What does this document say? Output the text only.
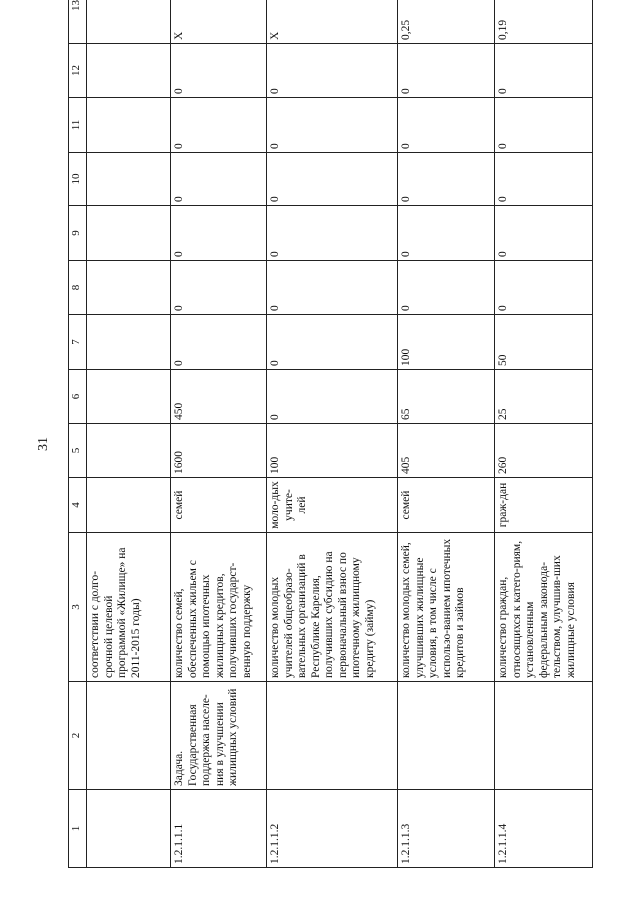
31
1	2	3	4	5	6	7	8	9	10	11	12	13
		соответствии с долго-срочной целевой программой «Жилище» на 2011-2015 годы)										
1.2.1.1.1	Задача. Государственная поддержка населе-ния в улучшении жилищных условий	количество семей, обеспеченных жильем с помощью ипотечных жилищных кредитов, получивших государст-венную поддержку	семей	1600	450	0	0	0	0	0	0	X
1.2.1.1.2		количество молодых учителей общеобразо-вательных организаций в Республике Карелия, получивших субсидию на первоначальный взнос по ипотечному жилищному кредиту (займу)	моло-дых учите-лей	100	0	0	0	0	0	0	0	X
1.2.1.1.3		количество молодых семей, улучшивших жилищные условия, в том числе с использо-ванием ипотечных кредитов и займов	семей	405	65	100	0	0	0	0	0	0,25
1.2.1.1.4		количество граждан, относящихся к катего-риям, установленным федеральным законода-тельством, улучшив-ших жилищные условия	граж-дан	260	25	50	0	0	0	0	0	0,19
